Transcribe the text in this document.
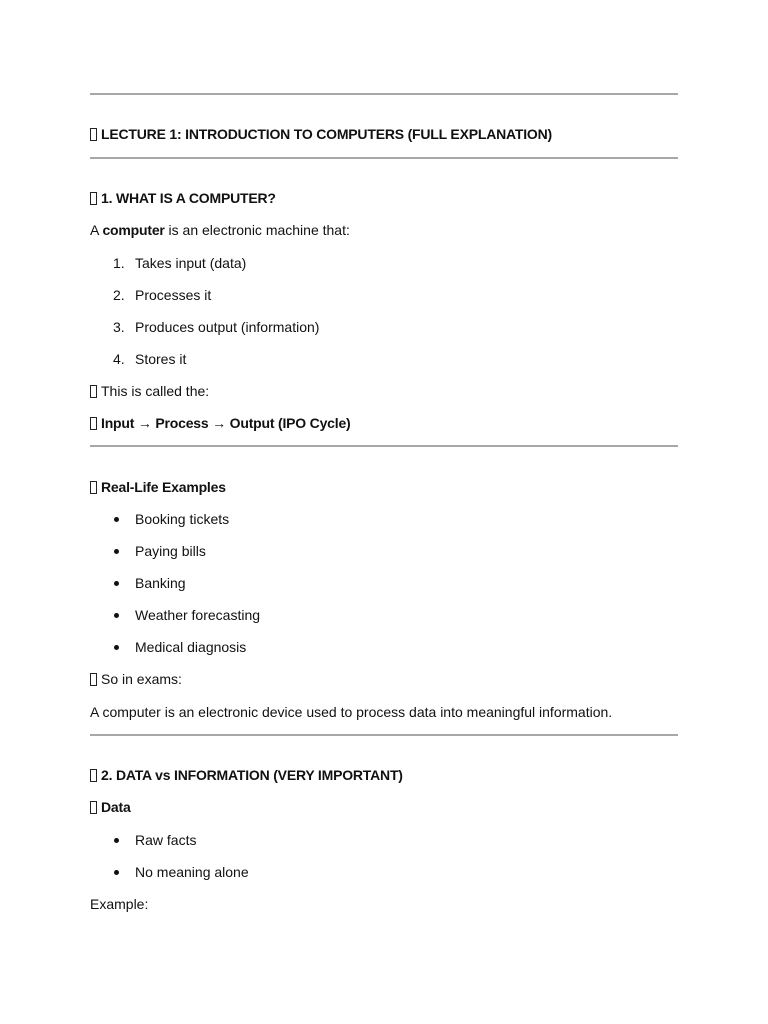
LECTURE 1: INTRODUCTION TO COMPUTERS (FULL EXPLANATION)
1. WHAT IS A COMPUTER?
A computer is an electronic machine that:
1. Takes input (data)
2. Processes it
3. Produces output (information)
4. Stores it
This is called the:
Input → Process → Output (IPO Cycle)
Real-Life Examples
Booking tickets
Paying bills
Banking
Weather forecasting
Medical diagnosis
So in exams:
A computer is an electronic device used to process data into meaningful information.
2. DATA vs INFORMATION (VERY IMPORTANT)
Data
Raw facts
No meaning alone
Example:
